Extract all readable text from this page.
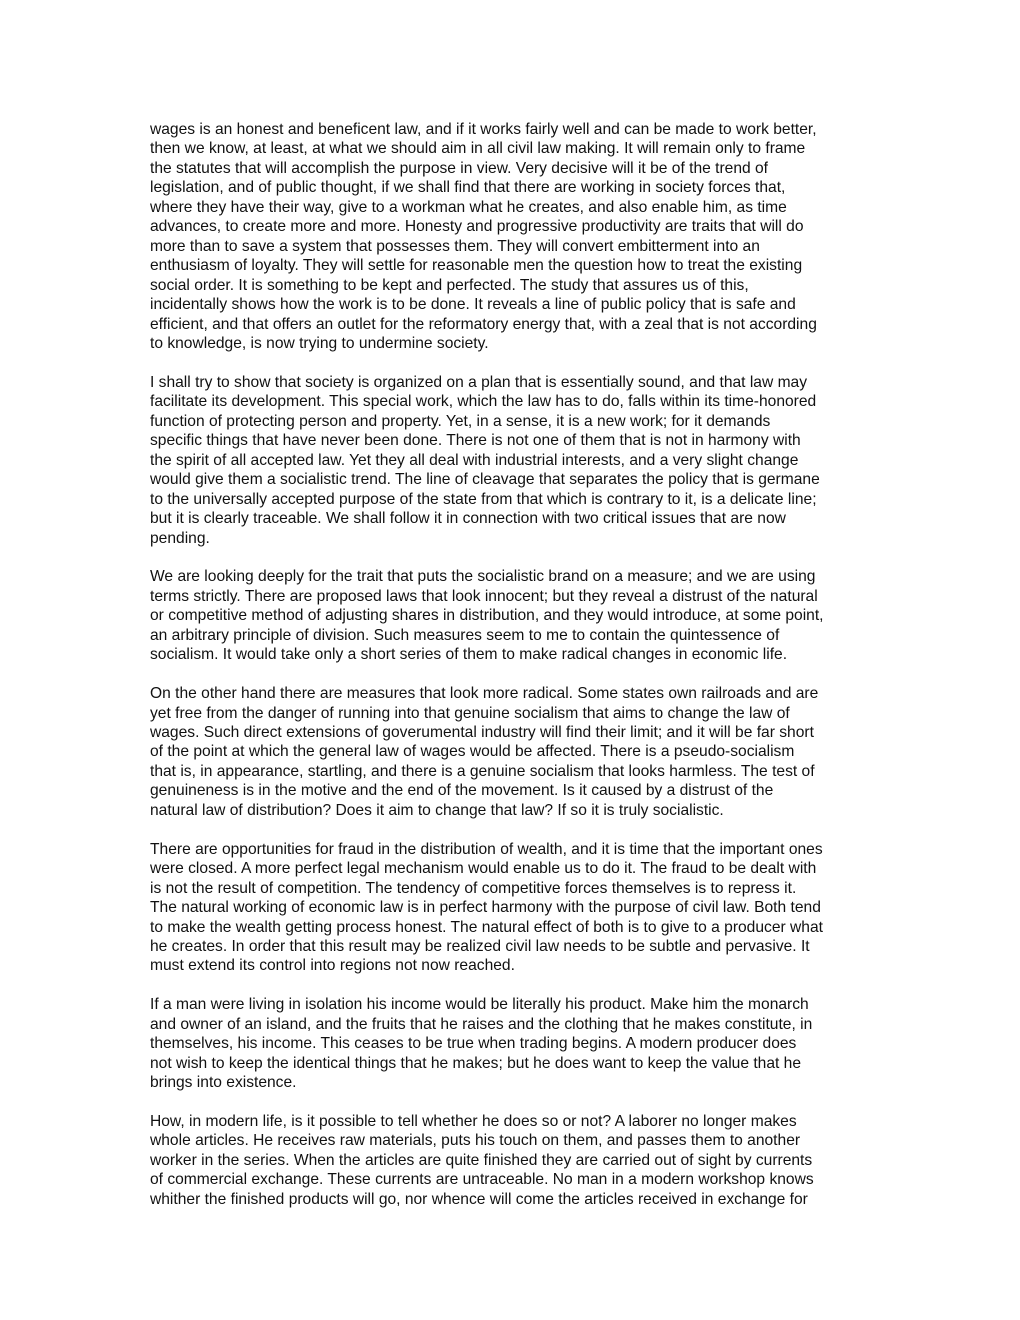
wages is an honest and beneficent law, and if it works fairly well and can be made to work better,
then we know, at least, at what we should aim in all civil law making. It will remain only to frame
the statutes that will accomplish the purpose in view. Very decisive will it be of the trend of
legislation, and of public thought, if we shall find that there are working in society forces that,
where they have their way, give to a workman what he creates, and also enable him, as time
advances, to create more and more. Honesty and progressive productivity are traits that will do
more than to save a system that possesses them. They will convert embitterment into an
enthusiasm of loyalty. They will settle for reasonable men the question how to treat the existing
social order. It is something to be kept and perfected. The study that assures us of this,
incidentally shows how the work is to be done. It reveals a line of public policy that is safe and
efficient, and that offers an outlet for the reformatory energy that, with a zeal that is not according
to knowledge, is now trying to undermine society.
I shall try to show that society is organized on a plan that is essentially sound, and that law may
facilitate its development. This special work, which the law has to do, falls within its time-honored
function of protecting person and property. Yet, in a sense, it is a new work; for it demands
specific things that have never been done. There is not one of them that is not in harmony with
the spirit of all accepted law. Yet they all deal with industrial interests, and a very slight change
would give them a socialistic trend. The line of cleavage that separates the policy that is germane
to the universally accepted purpose of the state from that which is contrary to it, is a delicate line;
but it is clearly traceable. We shall follow it in connection with two critical issues that are now
pending.
We are looking deeply for the trait that puts the socialistic brand on a measure; and we are using
terms strictly. There are proposed laws that look innocent; but they reveal a distrust of the natural
or competitive method of adjusting shares in distribution, and they would introduce, at some point,
an arbitrary principle of division. Such measures seem to me to contain the quintessence of
socialism. It would take only a short series of them to make radical changes in economic life.
On the other hand there are measures that look more radical. Some states own railroads and are
yet free from the danger of running into that genuine socialism that aims to change the law of
wages. Such direct extensions of goverumental industry will find their limit; and it will be far short
of the point at which the general law of wages would be affected. There is a pseudo-socialism
that is, in appearance, startling, and there is a genuine socialism that looks harmless. The test of
genuineness is in the motive and the end of the movement. Is it caused by a distrust of the
natural law of distribution? Does it aim to change that law? If so it is truly socialistic.
There are opportunities for fraud in the distribution of wealth, and it is time that the important ones
were closed. A more perfect legal mechanism would enable us to do it. The fraud to be dealt with
is not the result of competition. The tendency of competitive forces themselves is to repress it.
The natural working of economic law is in perfect harmony with the purpose of civil law. Both tend
to make the wealth getting process honest. The natural effect of both is to give to a producer what
he creates. In order that this result may be realized civil law needs to be subtle and pervasive. It
must extend its control into regions not now reached.
If a man were living in isolation his income would be literally his product. Make him the monarch
and owner of an island, and the fruits that he raises and the clothing that he makes constitute, in
themselves, his income. This ceases to be true when trading begins. A modern producer does
not wish to keep the identical things that he makes; but he does want to keep the value that he
brings into existence.
How, in modern life, is it possible to tell whether he does so or not? A laborer no longer makes
whole articles. He receives raw materials, puts his touch on them, and passes them to another
worker in the series. When the articles are quite finished they are carried out of sight by currents
of commercial exchange. These currents are untraceable. No man in a modern workshop knows
whither the finished products will go, nor whence will come the articles received in exchange for
